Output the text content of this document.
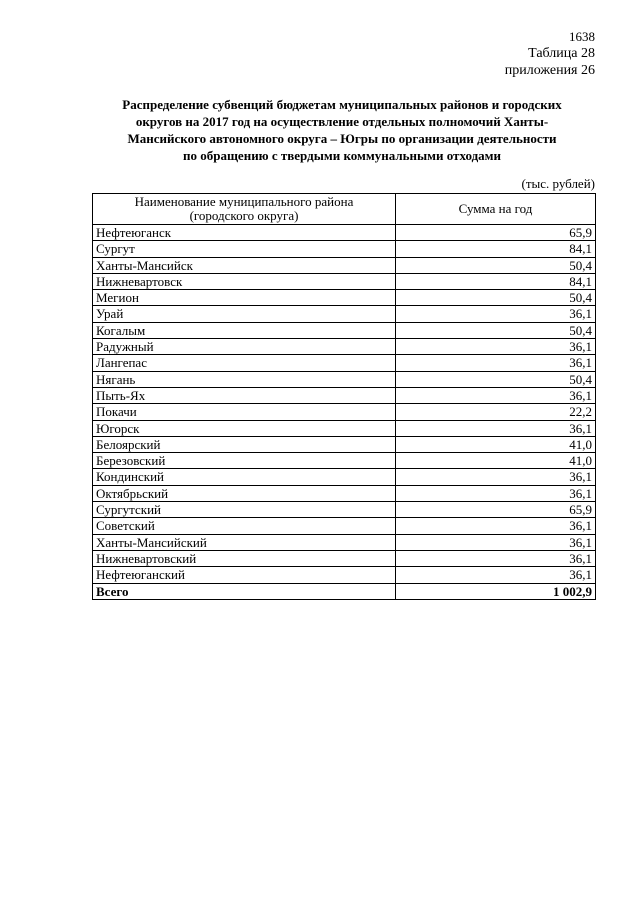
1638
Таблица 28
приложения 26
Распределение субвенций бюджетам муниципальных районов и городских
округов на 2017 год на осуществление отдельных полномочий Ханты-
Мансийского автономного округа – Югры по организации деятельности
по обращению с твердыми коммунальными отходами
(тыс. рублей)
Наименование муниципального района
(городского округа)	Сумма на год
Нефтеюганск	65,9
Сургут	84,1
Ханты-Мансийск	50,4
Нижневартовск	84,1
Мегион	50,4
Урай	36,1
Когалым	50,4
Радужный	36,1
Лангепас	36,1
Нягань	50,4
Пыть-Ях	36,1
Покачи	22,2
Югорск	36,1
Белоярский	41,0
Березовский	41,0
Кондинский	36,1
Октябрьский	36,1
Сургутский	65,9
Советский	36,1
Ханты-Мансийский	36,1
Нижневартовский	36,1
Нефтеюганский	36,1
Всего	1 002,9
